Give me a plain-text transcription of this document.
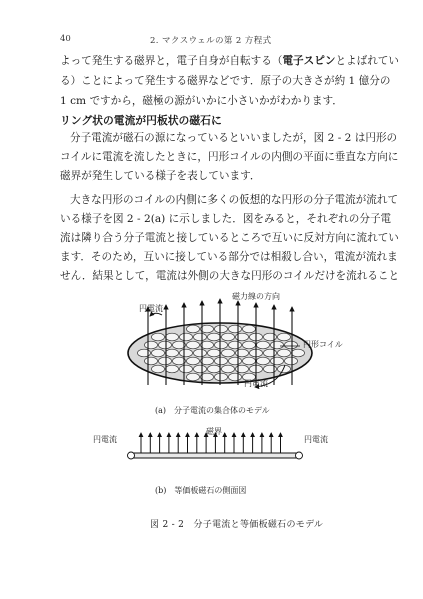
40	2. マクスウェルの第 2 方程式
よって発生する磁界と，電子自身が自転する（電子スピンとよばれてい
る）ことによって発生する磁界などです．原子の大きさが約 1 億分の
1 cm ですから，磁極の源がいかに小さいかがわかります．
リング状の電流が円板状の磁石に
分子電流が磁石の源になっているといいましたが，図 2 - 2 は円形の
コイルに電流を流したときに，円形コイルの内側の平面に垂直な方向に
磁界が発生している様子を表しています．
大きな円形のコイルの内側に多くの仮想的な円形の分子電流が流れて
いる様子を図 2 - 2(a) に示しました．図をみると，それぞれの分子電
流は隣り合う分子電流と接しているところで互いに反対方向に流れてい
ます．そのため，互いに接している部分では相殺し合い，電流が流れま
せん．結果として，電流は外側の大きな円形のコイルだけを流れること
円電流
磁力線の方向
円形コイル
円電流
(a)　分子電流の集合体のモデル
円電流
磁界
円電流
(b)　等価板磁石の側面図
図 2 - 2　分子電流と等価板磁石のモデル
